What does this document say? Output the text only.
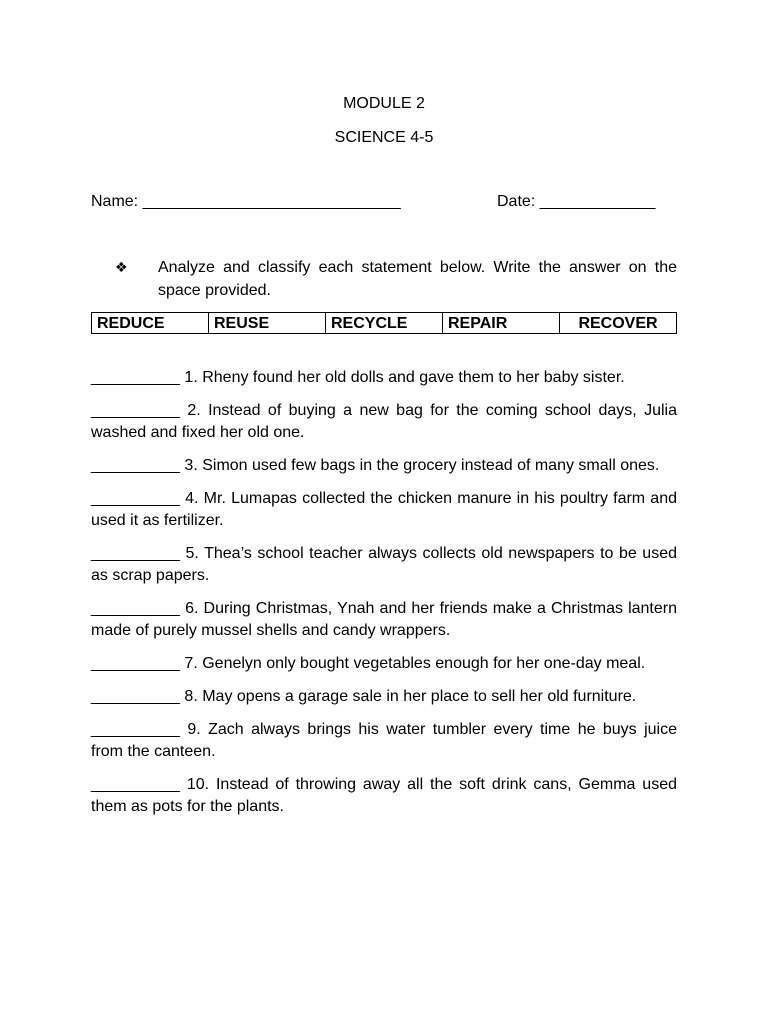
MODULE 2
SCIENCE 4-5
Name: _____________________________	Date: _____________
❖ Analyze and classify each statement below. Write the answer on the space provided.
REDUCE	REUSE	RECYCLE	REPAIR	RECOVER

__________ 1. Rheny found her old dolls and gave them to her baby sister.

__________ 2. Instead of buying a new bag for the coming school days, Julia washed and fixed her old one.

__________ 3. Simon used few bags in the grocery instead of many small ones.

__________ 4. Mr. Lumapas collected the chicken manure in his poultry farm and used it as fertilizer.

__________ 5. Thea’s school teacher always collects old newspapers to be used as scrap papers.

__________ 6. During Christmas, Ynah and her friends make a Christmas lantern made of purely mussel shells and candy wrappers.

__________ 7. Genelyn only bought vegetables enough for her one-day meal.

__________ 8. May opens a garage sale in her place to sell her old furniture.

__________ 9. Zach always brings his water tumbler every time he buys juice from the canteen.

__________ 10. Instead of throwing away all the soft drink cans, Gemma used them as pots for the plants.
